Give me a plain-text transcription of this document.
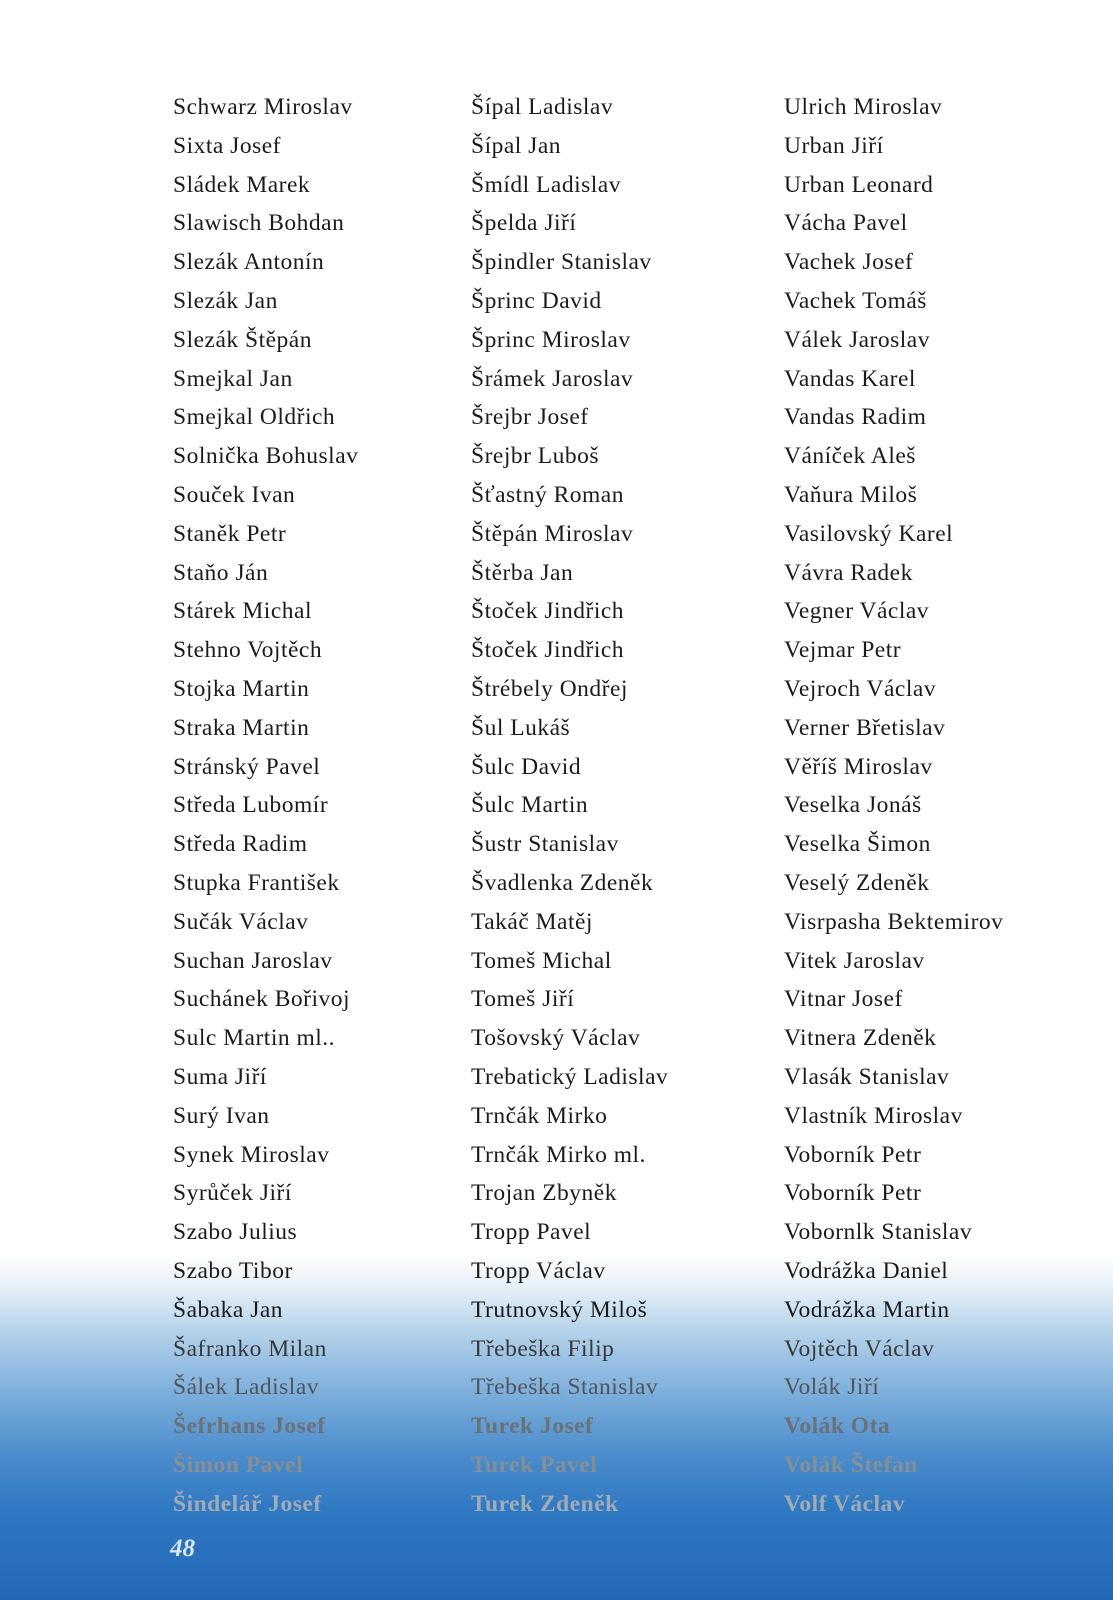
Schwarz Miroslav
Sixta Josef
Sládek Marek
Slawisch Bohdan
Slezák Antonín
Slezák Jan
Slezák Štěpán
Smejkal Jan
Smejkal Oldřich
Solnička Bohuslav
Souček Ivan
Staněk Petr
Staňo Ján
Stárek Michal
Stehno Vojtěch
Stojka Martin
Straka Martin
Stránský Pavel
Středa Lubomír
Středa Radim
Stupka František
Sučák Václav
Suchan Jaroslav
Suchánek Bořivoj
Sulc Martin ml..
Suma Jiří
Surý Ivan
Synek Miroslav
Syrůček Jiří
Szabo Julius
Szabo Tibor
Šabaka Jan
Šafranko Milan
Šálek Ladislav
Šefrhans Josef
Šimon Pavel
Šindelář Josef
Šípal Ladislav
Šípal Jan
Šmídl Ladislav
Špelda Jiří
Špindler Stanislav
Šprinc David
Šprinc Miroslav
Šrámek Jaroslav
Šrejbr Josef
Šrejbr Luboš
Šťastný Roman
Štěpán Miroslav
Štěrba Jan
Štoček Jindřich
Štoček Jindřich
Štrébely Ondřej
Šul Lukáš
Šulc David
Šulc Martin
Šustr Stanislav
Švadlenka Zdeněk
Takáč Matěj
Tomeš Michal
Tomeš Jiří
Tošovský Václav
Trebatický Ladislav
Trnčák Mirko
Trnčák Mirko ml.
Trojan Zbyněk
Tropp Pavel
Tropp Václav
Trutnovský Miloš
Třebeška Filip
Třebeška Stanislav
Turek Josef
Turek Pavel
Turek Zdeněk
Ulrich Miroslav
Urban Jiří
Urban Leonard
Vácha Pavel
Vachek Josef
Vachek Tomáš
Válek Jaroslav
Vandas Karel
Vandas Radim
Váníček Aleš
Vaňura Miloš
Vasilovský Karel
Vávra Radek
Vegner Václav
Vejmar Petr
Vejroch Václav
Verner Břetislav
Věříš Miroslav
Veselka Jonáš
Veselka Šimon
Veselý Zdeněk
Visrpasha Bektemirov
Vitek Jaroslav
Vitnar Josef
Vitnera Zdeněk
Vlasák Stanislav
Vlastník Miroslav
Voborník Petr
Voborník Petr
Vobornlk Stanislav
Vodrážka Daniel
Vodrážka Martin
Vojtěch Václav
Volák Jiří
Volák Ota
Volák Štefan
Volf Václav
48
